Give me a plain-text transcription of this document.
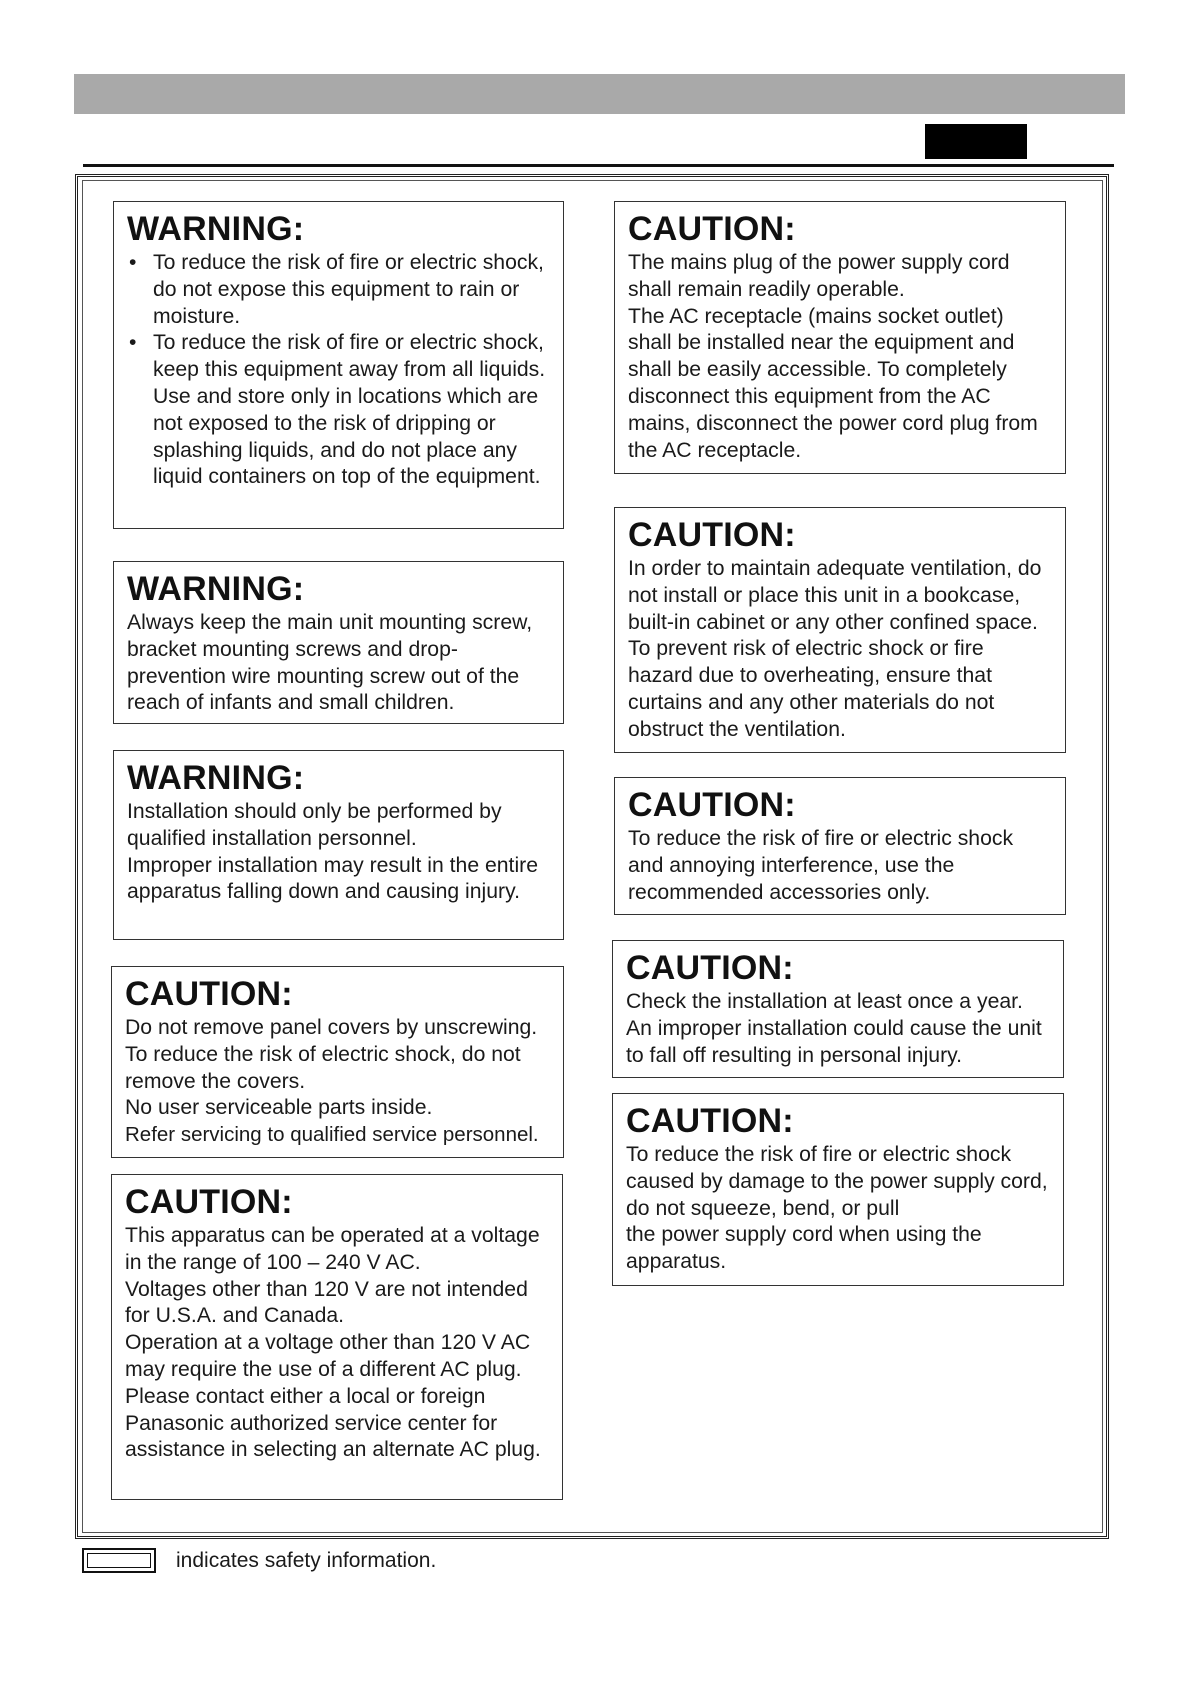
WARNING:
• To reduce the risk of fire or electric shock, do not expose this equipment to rain or moisture.
• To reduce the risk of fire or electric shock, keep this equipment away from all liquids. Use and store only in locations which are not exposed to the risk of dripping or splashing liquids, and do not place any liquid containers on top of the equipment.
WARNING:

Always keep the main unit mounting screw, bracket mounting screws and drop-prevention wire mounting screw out of the reach of infants and small children.

WARNING:

Installation should only be performed by qualified installation personnel.

Improper installation may result in the entire apparatus falling down and causing injury.

CAUTION:

Do not remove panel covers by unscrewing.

To reduce the risk of electric shock, do not remove the covers.

No user serviceable parts inside.

Refer servicing to qualified service personnel.

CAUTION:

This apparatus can be operated at a voltage in the range of 100 – 240 V AC.

Voltages other than 120 V are not intended for U.S.A. and Canada.

Operation at a voltage other than 120 V AC may require the use of a different AC plug. Please contact either a local or foreign Panasonic authorized service center for assistance in selecting an alternate AC plug.

CAUTION:

The mains plug of the power supply cord shall remain readily operable.

The AC receptacle (mains socket outlet) shall be installed near the equipment and shall be easily accessible. To completely disconnect this equipment from the AC mains, disconnect the power cord plug from the AC receptacle.

CAUTION:

In order to maintain adequate ventilation, do not install or place this unit in a bookcase, built-in cabinet or any other confined space. To prevent risk of electric shock or fire hazard due to overheating, ensure that curtains and any other materials do not obstruct the ventilation.

CAUTION:

To reduce the risk of fire or electric shock and annoying interference, use the recommended accessories only.

CAUTION:

Check the installation at least once a year.

An improper installation could cause the unit to fall off resulting in personal injury.

CAUTION:

To reduce the risk of fire or electric shock caused by damage to the power supply cord, do not squeeze, bend, or pull

the power supply cord when using the apparatus.

indicates safety information.
